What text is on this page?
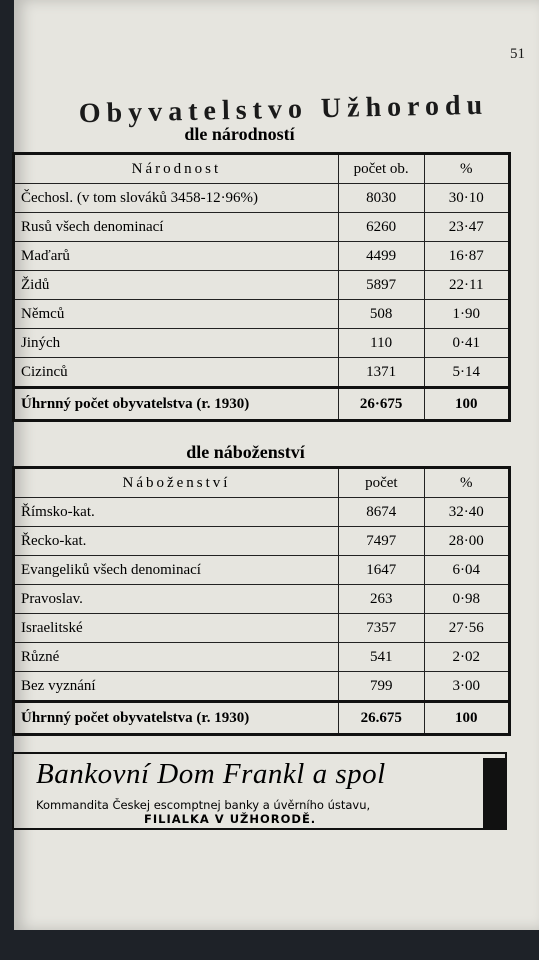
51
Obyvatelstvo Užhorodu
dle národností
Národnost	počet ob.	%
Čechosl. (v tom slováků 3458-12·96%)	8030	30·10
Rusů všech denominací	6260	23·47
Maďarů	4499	16·87
Židů	5897	22·11
Němců	508	1·90
Jiných	110	0·41
Cizinců	1371	5·14
Úhrnný počet obyvatelstva (r. 1930)	26·675	100
dle náboženství
Náboženství	počet	%
Římsko-kat.	8674	32·40
Řecko-kat.	7497	28·00
Evangeliků všech denominací	1647	6·04
Pravoslav.	263	0·98
Israelitské	7357	27·56
Různé	541	2·02
Bez vyznání	799	3·00
Úhrnný počet obyvatelstva (r. 1930)	26.675	100
Bankovní Dom Frankl a spol
Kommandita Českej escomptnej banky a úvěrního ústavu,
FILIALKA V UŽHORODĚ.
